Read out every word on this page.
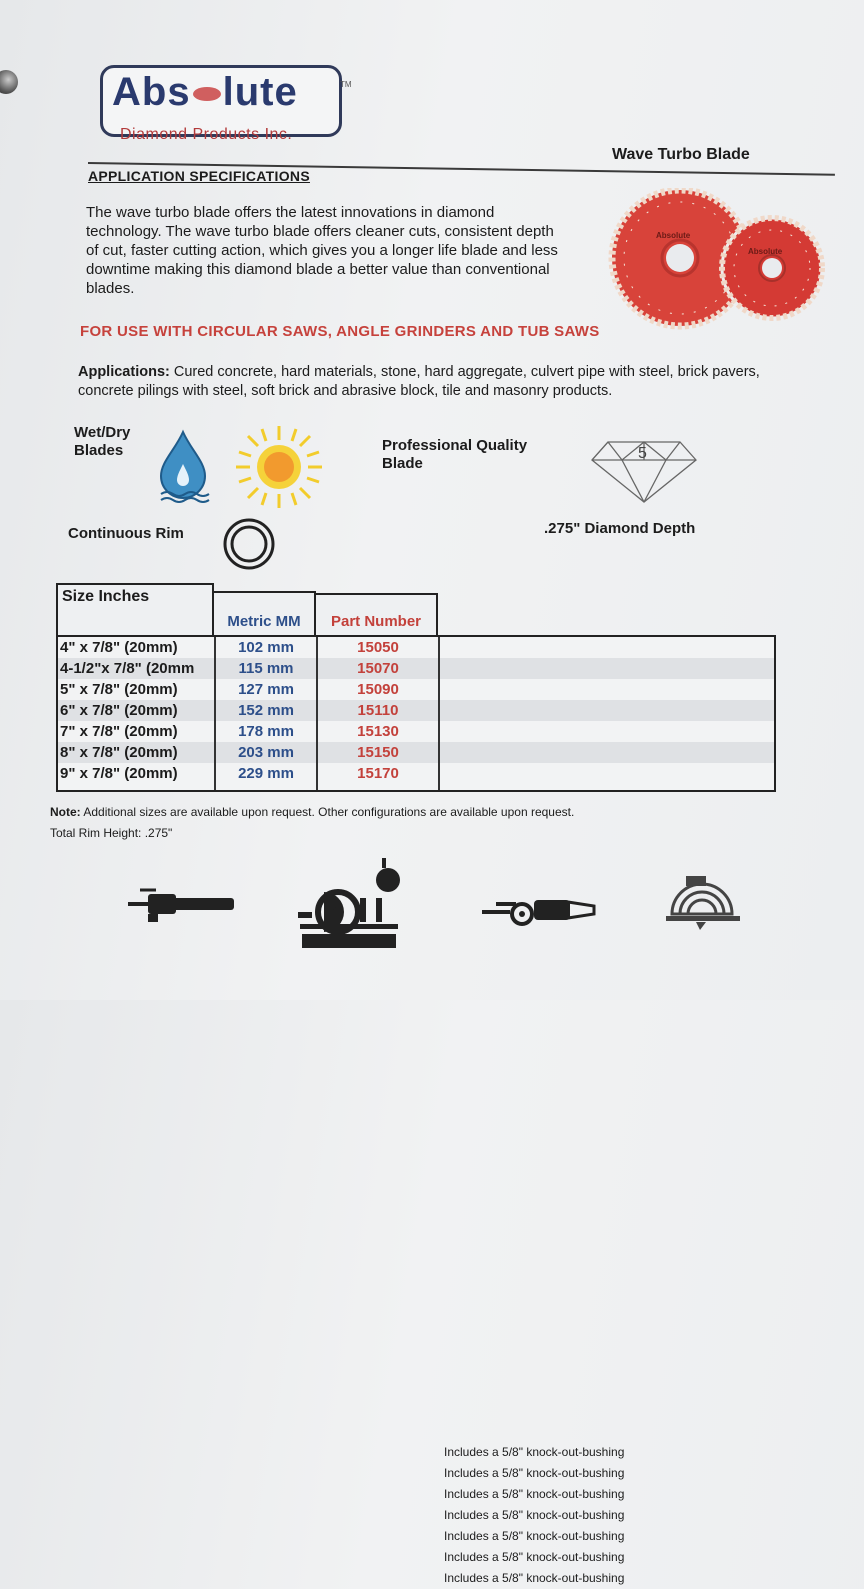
Abs lute	TM
Diamond Products Inc.
Wave Turbo Blade
APPLICATION SPECIFICATIONS
The wave turbo blade offers the latest innovations in diamond technology. The wave turbo blade offers cleaner cuts, consistent depth of cut, faster cutting action, which gives you a longer life blade and less downtime making this diamond blade a better value than conventional blades.
Absolute
Absolute
FOR USE WITH CIRCULAR SAWS, ANGLE GRINDERS AND TUB SAWS
Applications: Cured concrete, hard materials, stone, hard aggregate, culvert pipe with steel, brick pavers, concrete pilings with steel, soft brick and abrasive block, tile and masonry products.
Wet/Dry Blades	Professional Quality Blade
5
Continuous Rim	.275" Diamond Depth
Size Inches
Metric MM	Part Number
4" x 7/8" (20mm)	102 mm	15050
Includes a 5/8" knock-out-bushing
4-1/2"x 7/8" (20mm	115 mm	15070
Includes a 5/8" knock-out-bushing
5" x 7/8" (20mm)	127 mm	15090
Includes a 5/8" knock-out-bushing
6" x 7/8" (20mm)	152 mm	15110
Includes a 5/8" knock-out-bushing
7" x 7/8" (20mm)	178 mm	15130
Includes a 5/8" knock-out-bushing
8" x 7/8" (20mm)	203 mm	15150
Includes a 5/8" knock-out-bushing
9" x 7/8" (20mm)	229 mm	15170
Includes a 5/8" knock-out-bushing
Note: Additional sizes are available upon request. Other configurations are available upon request.
Total Rim Height: .275"
